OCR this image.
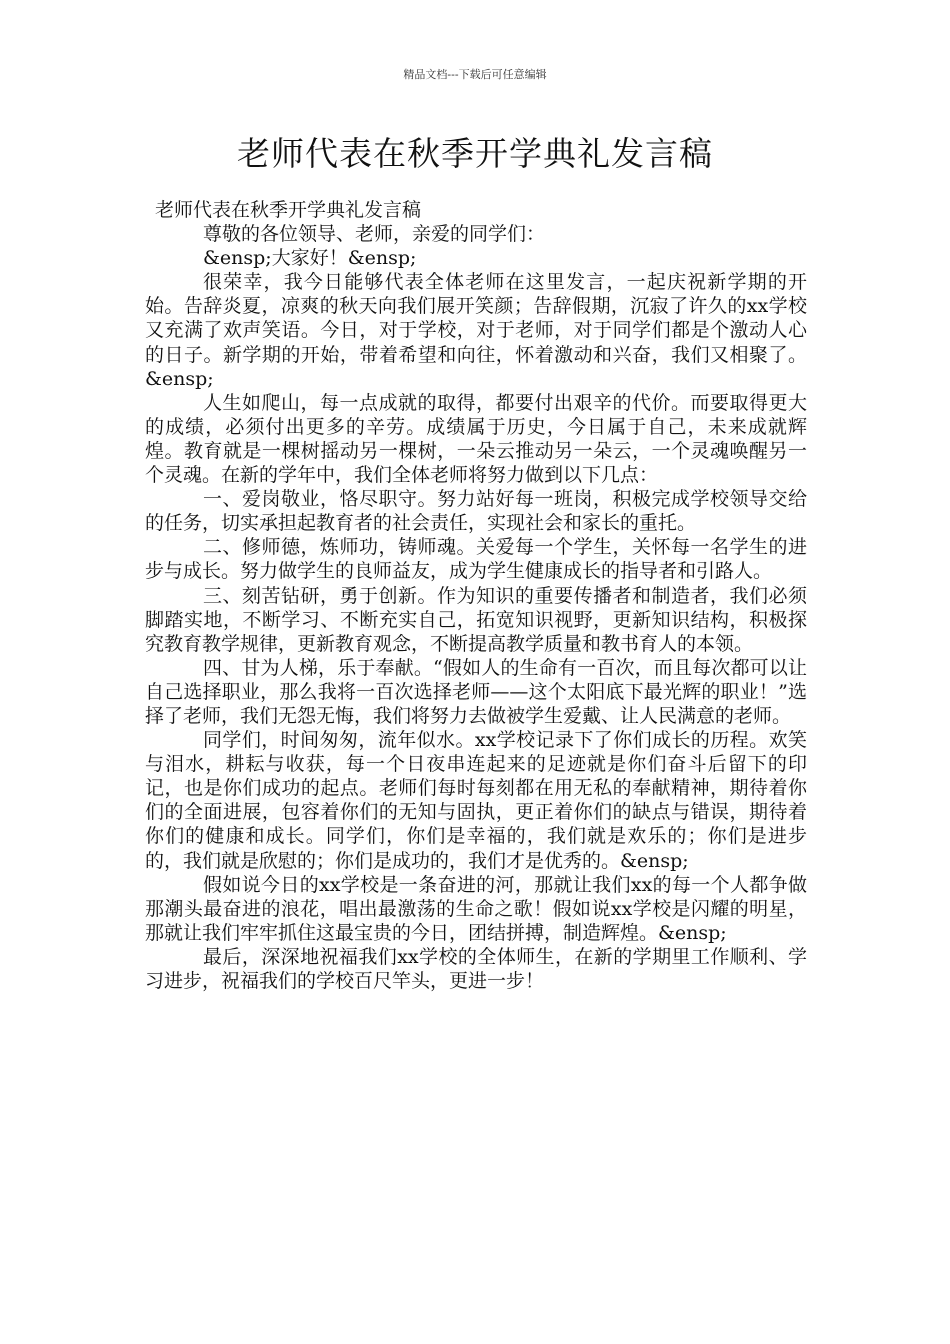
精品文档---下载后可任意编辑
老师代表在秋季开学典礼发言稿

老师代表在秋季开学典礼发言稿

尊敬的各位领导、老师，亲爱的同学们：

&ensp;大家好！&ensp;

很荣幸，我今日能够代表全体老师在这里发言，一起庆祝新学期的开始。告辞炎夏，凉爽的秋天向我们展开笑颜；告辞假期，沉寂了许久的xx学校又充满了欢声笑语。今日，对于学校，对于老师，对于同学们都是个激动人心的日子。新学期的开始，带着希望和向往，怀着激动和兴奋，我们又相聚了。&ensp;

人生如爬山，每一点成就的取得，都要付出艰辛的代价。而要取得更大的成绩，必须付出更多的辛劳。成绩属于历史，今日属于自己，未来成就辉煌。教育就是一棵树摇动另一棵树，一朵云推动另一朵云，一个灵魂唤醒另一个灵魂。在新的学年中，我们全体老师将努力做到以下几点：

一、爱岗敬业，恪尽职守。努力站好每一班岗，积极完成学校领导交给的任务，切实承担起教育者的社会责任，实现社会和家长的重托。

二、修师德，炼师功，铸师魂。关爱每一个学生，关怀每一名学生的进步与成长。努力做学生的良师益友，成为学生健康成长的指导者和引路人。

三、刻苦钻研，勇于创新。作为知识的重要传播者和制造者，我们必须脚踏实地，不断学习、不断充实自己，拓宽知识视野，更新知识结构，积极探究教育教学规律，更新教育观念，不断提高教学质量和教书育人的本领。

四、甘为人梯，乐于奉献。“假如人的生命有一百次，而且每次都可以让自己选择职业，那么我将一百次选择老师——这个太阳底下最光辉的职业！”选择了老师，我们无怨无悔，我们将努力去做被学生爱戴、让人民满意的老师。

同学们，时间匆匆，流年似水。xx学校记录下了你们成长的历程。欢笑与泪水，耕耘与收获，每一个日夜串连起来的足迹就是你们奋斗后留下的印记，也是你们成功的起点。老师们每时每刻都在用无私的奉献精神，期待着你们的全面进展，包容着你们的无知与固执，更正着你们的缺点与错误，期待着你们的健康和成长。同学们，你们是幸福的，我们就是欢乐的；你们是进步的，我们就是欣慰的；你们是成功的，我们才是优秀的。&ensp;

假如说今日的xx学校是一条奋进的河，那就让我们xx的每一个人都争做那潮头最奋进的浪花，唱出最激荡的生命之歌！假如说xx学校是闪耀的明星，那就让我们牢牢抓住这最宝贵的今日，团结拼搏，制造辉煌。&ensp;

最后，深深地祝福我们xx学校的全体师生，在新的学期里工作顺利、学习进步，祝福我们的学校百尺竿头，更进一步！
